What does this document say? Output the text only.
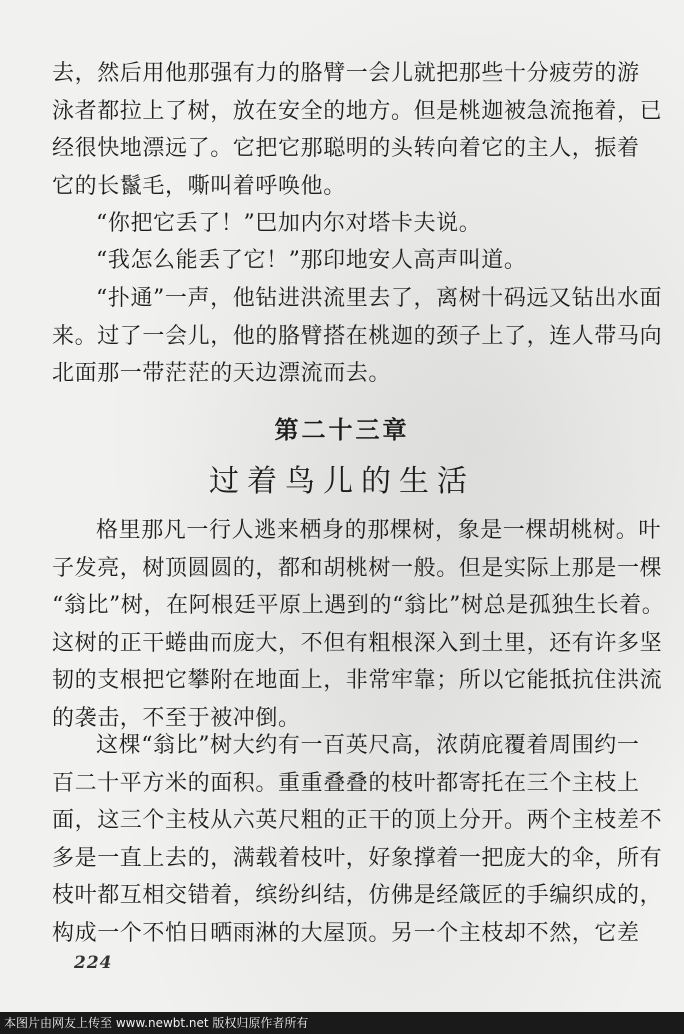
去，然后用他那强有力的胳臂一会儿就把那些十分疲劳的游
泳者都拉上了树，放在安全的地方。但是桃迦被急流拖着，已
经很快地漂远了。它把它那聪明的头转向着它的主人，振着
它的长鬣毛，嘶叫着呼唤他。

“你把它丢了！”巴加内尔对塔卡夫说。

“我怎么能丢了它！”那印地安人高声叫道。

“扑通”一声，他钻进洪流里去了，离树十码远又钻出水面
来。过了一会儿，他的胳臂搭在桃迦的颈子上了，连人带马向
北面那一带茫茫的天边漂流而去。

第二十三章
过着鸟儿的生活

格里那凡一行人逃来栖身的那棵树，象是一棵胡桃树。叶
子发亮，树顶圆圆的，都和胡桃树一般。但是实际上那是一棵
“翁比”树，在阿根廷平原上遇到的“翁比”树总是孤独生长着。
这树的正干蜷曲而庞大，不但有粗根深入到土里，还有许多坚
韧的支根把它攀附在地面上，非常牢靠；所以它能抵抗住洪流
的袭击，不至于被冲倒。

这棵“翁比”树大约有一百英尺高，浓荫庇覆着周围约一
百二十平方米的面积。重重叠叠的枝叶都寄托在三个主枝上
面，这三个主枝从六英尺粗的正干的顶上分开。两个主枝差不
多是一直上去的，满载着枝叶，好象撑着一把庞大的伞，所有
枝叶都互相交错着，缤纷纠结，仿佛是经箴匠的手编织成的，
构成一个不怕日晒雨淋的大屋顶。另一个主枝却不然，它差

224
本图片由网友上传至 www.newbt.net 版权归原作者所有
